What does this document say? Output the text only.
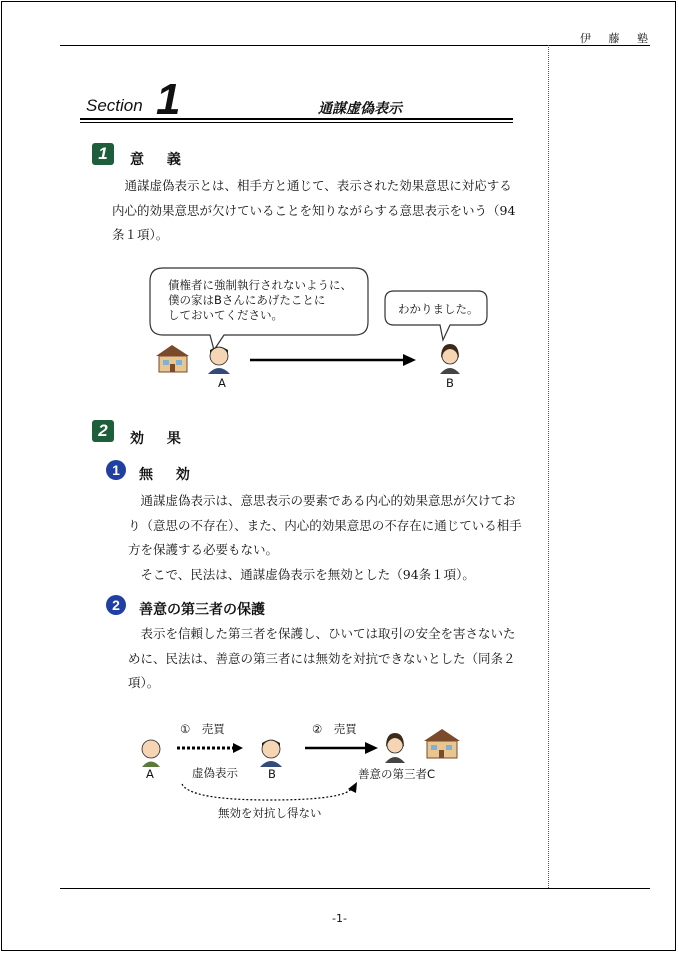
伊 藤 塾
-1-
Section 1	通謀虚偽表示
1	意 義

通謀虚偽表示とは、相手方と通じて、表示された効果意思に対応する内心的効果意思が欠けていることを知りながらする意思表示をいう（94条１項）。

債権者に強制執行されないように、
僕の家はBさんにあげたことに
しておいてください。	わかりました。
A	B
2	効 果
1	無 効

通謀虚偽表示は、意思表示の要素である内心的効果意思が欠けており（意思の不存在）、また、内心的効果意思の不存在に通じている相手方を保護する必要もない。

そこで、民法は、通謀虚偽表示を無効とした（94条１項）。

2	善意の第三者の保護

表示を信頼した第三者を保護し、ひいては取引の安全を害さないために、民法は、善意の第三者には無効を対抗できないとした（同条２項）。

①　売買	②　売買
A	虚偽表示	B	善意の第三者C
無効を対抗し得ない
